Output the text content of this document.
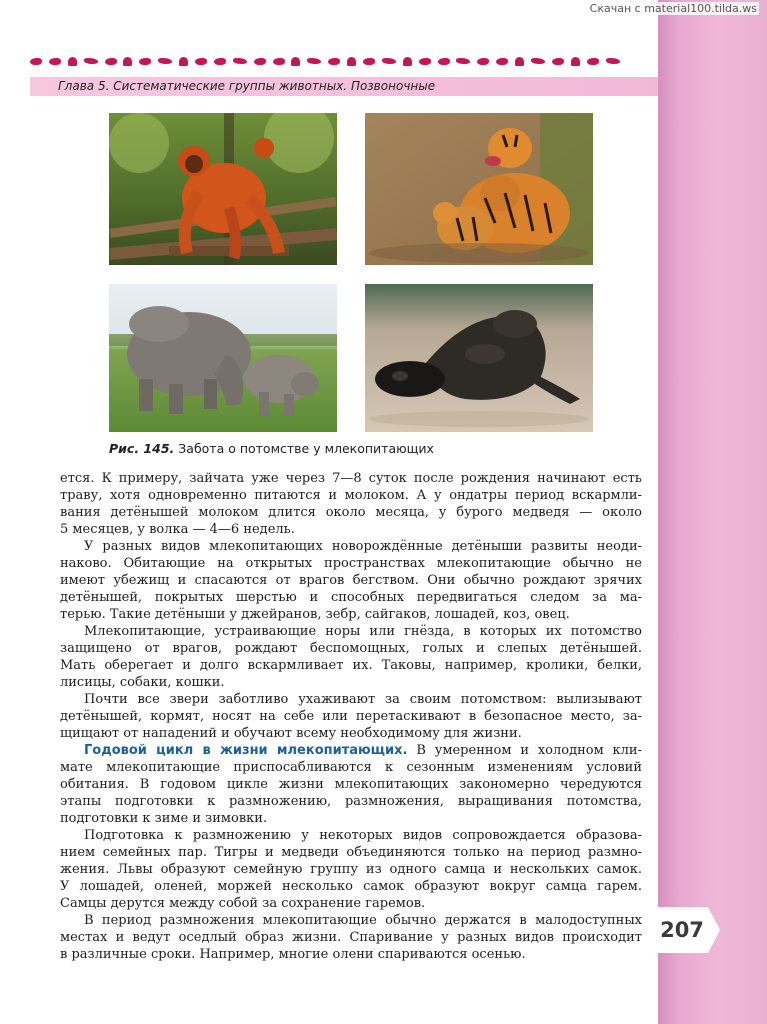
Скачан с material100.tilda.ws
Глава 5. Систематические группы животных. Позвоночные
Рис. 145. Забота о потомстве у млекопитающих

ется. К примеру, зайчата уже через 7—8 суток после рождения начинают есть

траву, хотя одновременно питаются и молоком. А у ондатры период вскармли-

вания детёнышей молоком длится около месяца, у бурого медведя — около

5 месяцев, у волка — 4—6 недель.

У разных видов млекопитающих новорождённые детёныши развиты неоди-

наково. Обитающие на открытых пространствах млекопитающие обычно не

имеют убежищ и спасаются от врагов бегством. Они обычно рождают зрячих

детёнышей, покрытых шерстью и способных передвигаться следом за ма-

терью. Такие детёныши у джейранов, зебр, сайгаков, лошадей, коз, овец.

Млекопитающие, устраивающие норы или гнёзда, в которых их потомство

защищено от врагов, рождают беспомощных, голых и слепых детёнышей.

Мать оберегает и долго вскармливает их. Таковы, например, кролики, белки,

лисицы, собаки, кошки.

Почти все звери заботливо ухаживают за своим потомством: вылизывают

детёнышей, кормят, носят на себе или перетаскивают в безопасное место, за-

щищают от нападений и обучают всему необходимому для жизни.

Годовой цикл в жизни млекопитающих. В умеренном и холодном кли-

мате млекопитающие приспосабливаются к сезонным изменениям условий

обитания. В годовом цикле жизни млекопитающих закономерно чередуются

этапы подготовки к размножению, размножения, выращивания потомства,

подготовки к зиме и зимовки.

Подготовка к размножению у некоторых видов сопровождается образова-

нием семейных пар. Тигры и медведи объединяются только на период размно-

жения. Львы образуют семейную группу из одного самца и нескольких самок.

У лошадей, оленей, моржей несколько самок образуют вокруг самца гарем.

Самцы дерутся между собой за сохранение гаремов.

В период размножения млекопитающие обычно держатся в малодоступных

местах и ведут оседлый образ жизни. Спаривание у разных видов происходит

в различные сроки. Например, многие олени спариваются осенью.

207
